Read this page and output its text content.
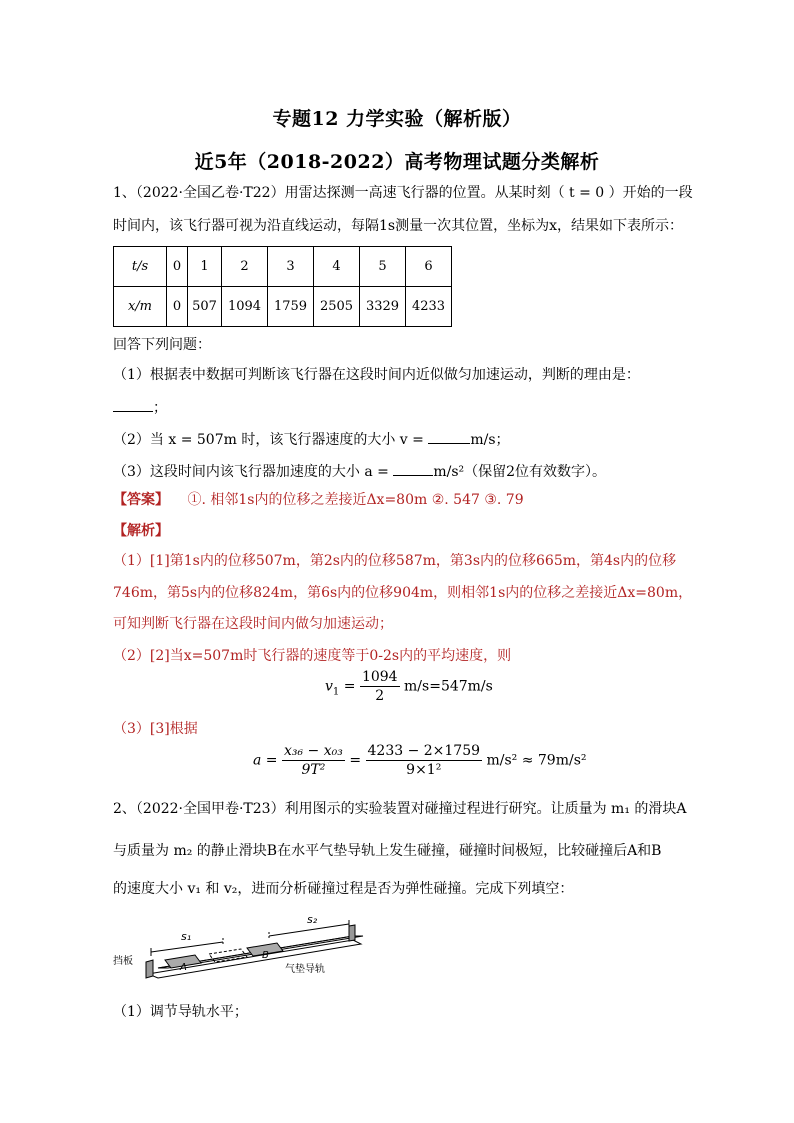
专题12 力学实验（解析版）
近5年（2018-2022）高考物理试题分类解析
1、（2022·全国乙卷·T22）用雷达探测一高速飞行器的位置。从某时刻（ t = 0 ）开始的一段
时间内，该飞行器可视为沿直线运动，每隔1s测量一次其位置，坐标为x，结果如下表所示：
t/s	0	1	2	3	4	5	6
x/m	0	507	1094	1759	2505	3329	4233
回答下列问题：
（1）根据表中数据可判断该飞行器在这段时间内近似做匀加速运动，判断的理由是：
；
（2）当 x = 507m 时，该飞行器速度的大小 v =	m/s；
（3）这段时间内该飞行器加速度的大小 a =	m/s²（保留2位有效数字）。
【答案】 ①. 相邻1s内的位移之差接近Δx=80m ②. 547 ③. 79
【解析】
（1）[1]第1s内的位移507m，第2s内的位移587m，第3s内的位移665m，第4s内的位移
746m，第5s内的位移824m，第6s内的位移904m，则相邻1s内的位移之差接近Δx=80m，
可知判断飞行器在这段时间内做匀加速运动；
（2）[2]当x=507m时飞行器的速度等于0-2s内的平均速度，则
$v_1 = \frac{1094}{2} m/s=547m/s$
（3）[3]根据
$a = \frac{\text{x₃₆ − x₀₃}}{\text{9T²}} = \frac{4233 - 2\times 1759}{\text{9×1²}} m/s^2 \approx 79m/s^2$
2、（2022·全国甲卷·T23）利用图示的实验装置对碰撞过程进行研究。让质量为 m₁ 的滑块A
与质量为 m₂ 的静止滑块B在水平气垫导轨上发生碰撞，碰撞时间极短，比较碰撞后A和B
的速度大小 v₁ 和 v₂，进而分析碰撞过程是否为弹性碰撞。完成下列填空：
s₁
s₂
A
B
挡板
气垫导轨
（1）调节导轨水平；
